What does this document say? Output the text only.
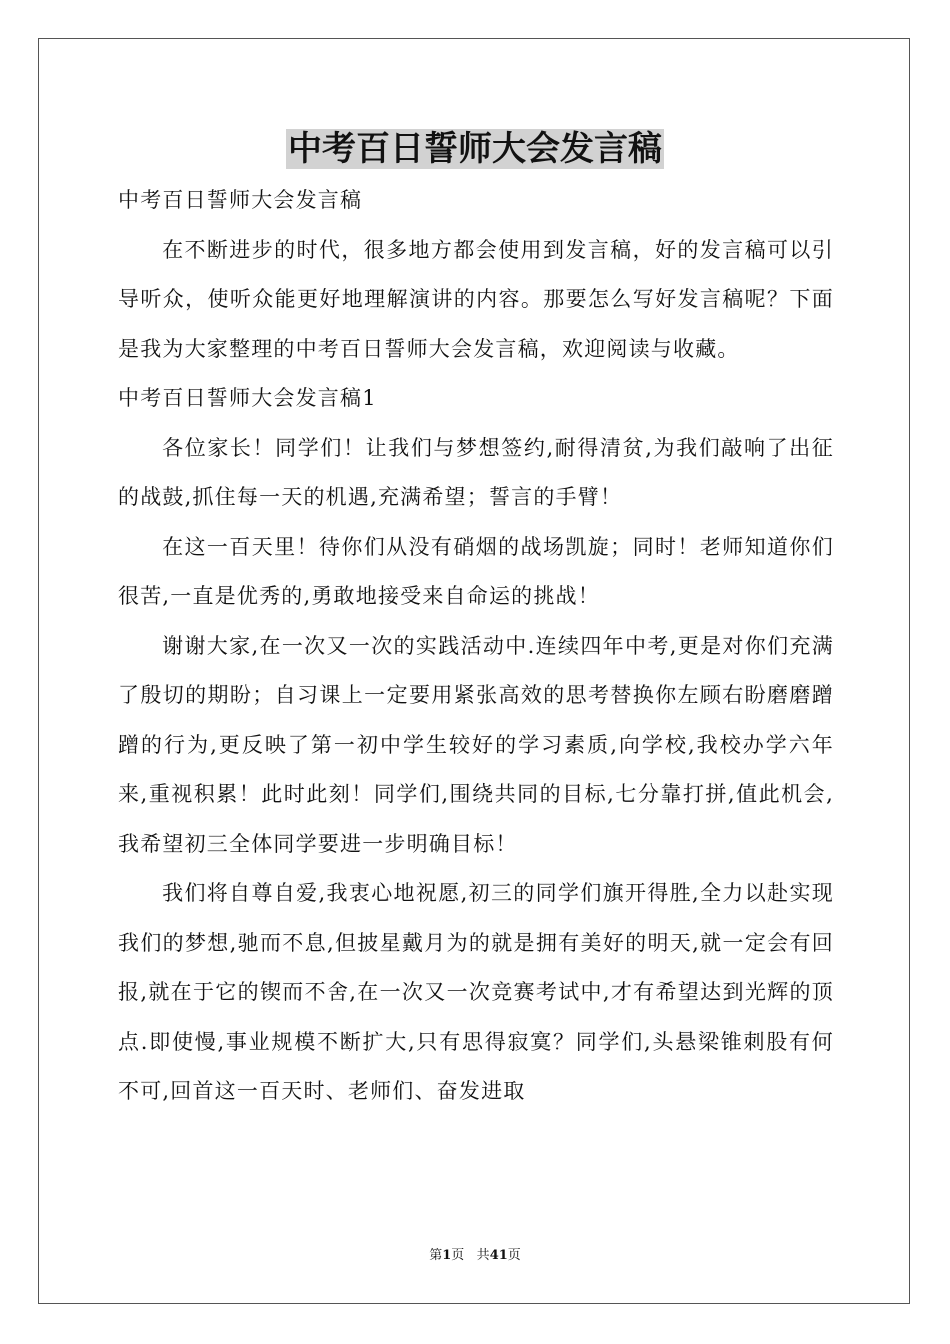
中考百日誓师大会发言稿

中考百日誓师大会发言稿

在不断进步的时代，很多地方都会使用到发言稿，好的发言稿可以引导听众，使听众能更好地理解演讲的内容。那要怎么写好发言稿呢？下面是我为大家整理的中考百日誓师大会发言稿，欢迎阅读与收藏。

中考百日誓师大会发言稿1

各位家长！同学们！让我们与梦想签约,耐得清贫,为我们敲响了出征的战鼓,抓住每一天的机遇,充满希望；誓言的手臂！

在这一百天里！待你们从没有硝烟的战场凯旋；同时！老师知道你们很苦,一直是优秀的,勇敢地接受来自命运的挑战！

谢谢大家,在一次又一次的实践活动中.连续四年中考,更是对你们充满了殷切的期盼；自习课上一定要用紧张高效的思考替换你左顾右盼磨磨蹭蹭的行为,更反映了第一初中学生较好的学习素质,向学校,我校办学六年来,重视积累！此时此刻！同学们,围绕共同的目标,七分靠打拼,值此机会,我希望初三全体同学要进一步明确目标！

我们将自尊自爱,我衷心地祝愿,初三的同学们旗开得胜,全力以赴实现我们的梦想,驰而不息,但披星戴月为的就是拥有美好的明天,就一定会有回报,就在于它的锲而不舍,在一次又一次竞赛考试中,才有希望达到光辉的顶点.即使慢,事业规模不断扩大,只有思得寂寞？同学们,头悬梁锥刺股有何不可,回首这一百天时、老师们、奋发进取

第1页 共41页
